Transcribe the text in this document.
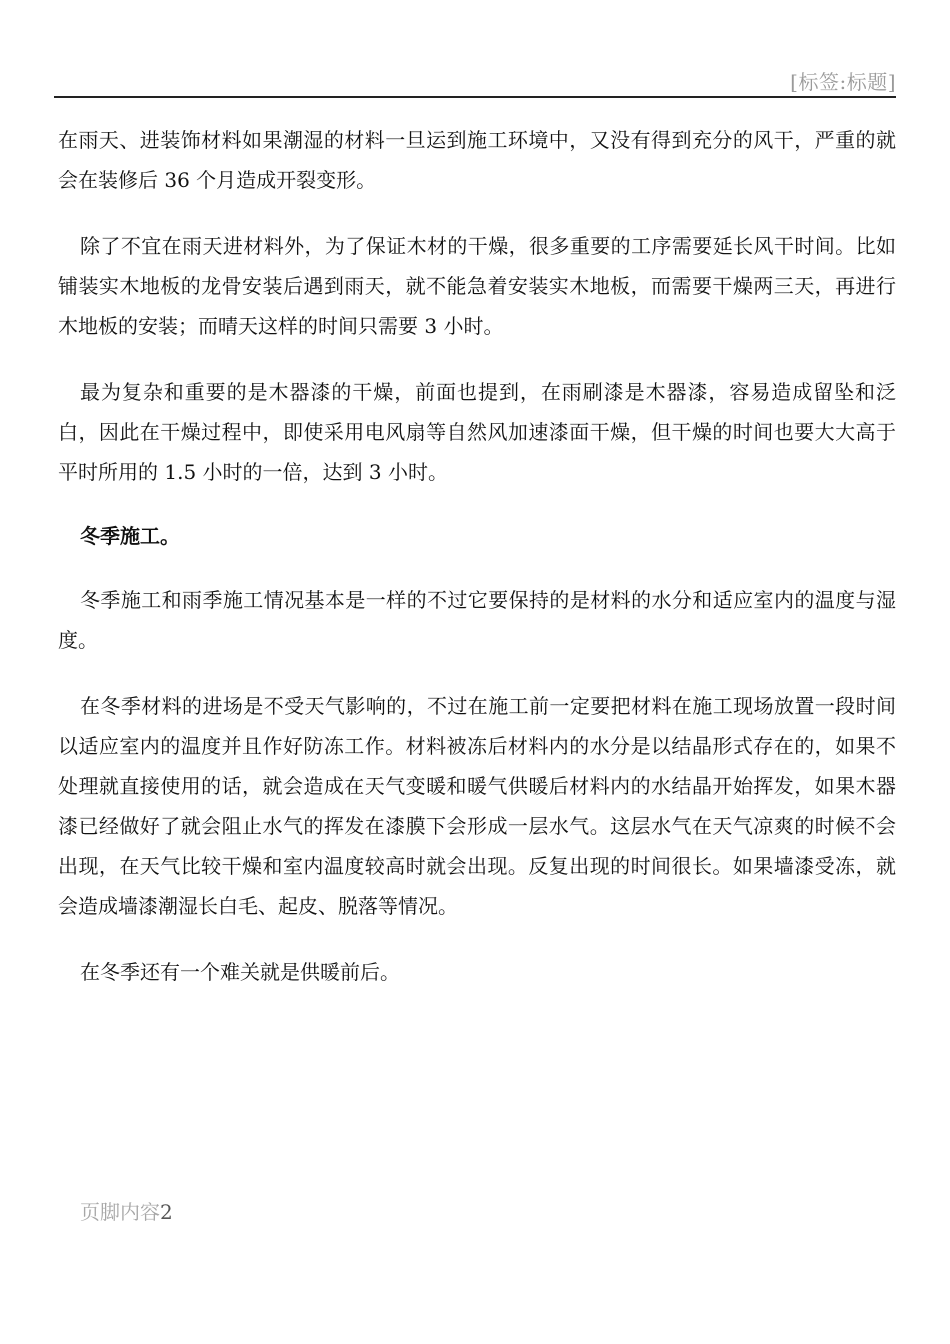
[标签:标题]

在雨天、进装饰材料如果潮湿的材料一旦运到施工环境中，又没有得到充分的风干，严重的就会在装修后 36 个月造成开裂变形。

除了不宜在雨天进材料外，为了保证木材的干燥，很多重要的工序需要延长风干时间。比如铺装实木地板的龙骨安装后遇到雨天，就不能急着安装实木地板，而需要干燥两三天，再进行木地板的安装；而晴天这样的时间只需要 3 小时。

最为复杂和重要的是木器漆的干燥，前面也提到，在雨刷漆是木器漆，容易造成留坠和泛白，因此在干燥过程中，即使采用电风扇等自然风加速漆面干燥，但干燥的时间也要大大高于平时所用的 1.5 小时的一倍，达到 3 小时。

冬季施工。

冬季施工和雨季施工情况基本是一样的不过它要保持的是材料的水分和适应室内的温度与湿度。

在冬季材料的进场是不受天气影响的，不过在施工前一定要把材料在施工现场放置一段时间以适应室内的温度并且作好防冻工作。材料被冻后材料内的水分是以结晶形式存在的，如果不处理就直接使用的话，就会造成在天气变暖和暖气供暖后材料内的水结晶开始挥发，如果木器漆已经做好了就会阻止水气的挥发在漆膜下会形成一层水气。这层水气在天气凉爽的时候不会出现，在天气比较干燥和室内温度较高时就会出现。反复出现的时间很长。如果墙漆受冻，就会造成墙漆潮湿长白毛、起皮、脱落等情况。

在冬季还有一个难关就是供暖前后。

页脚内容2
